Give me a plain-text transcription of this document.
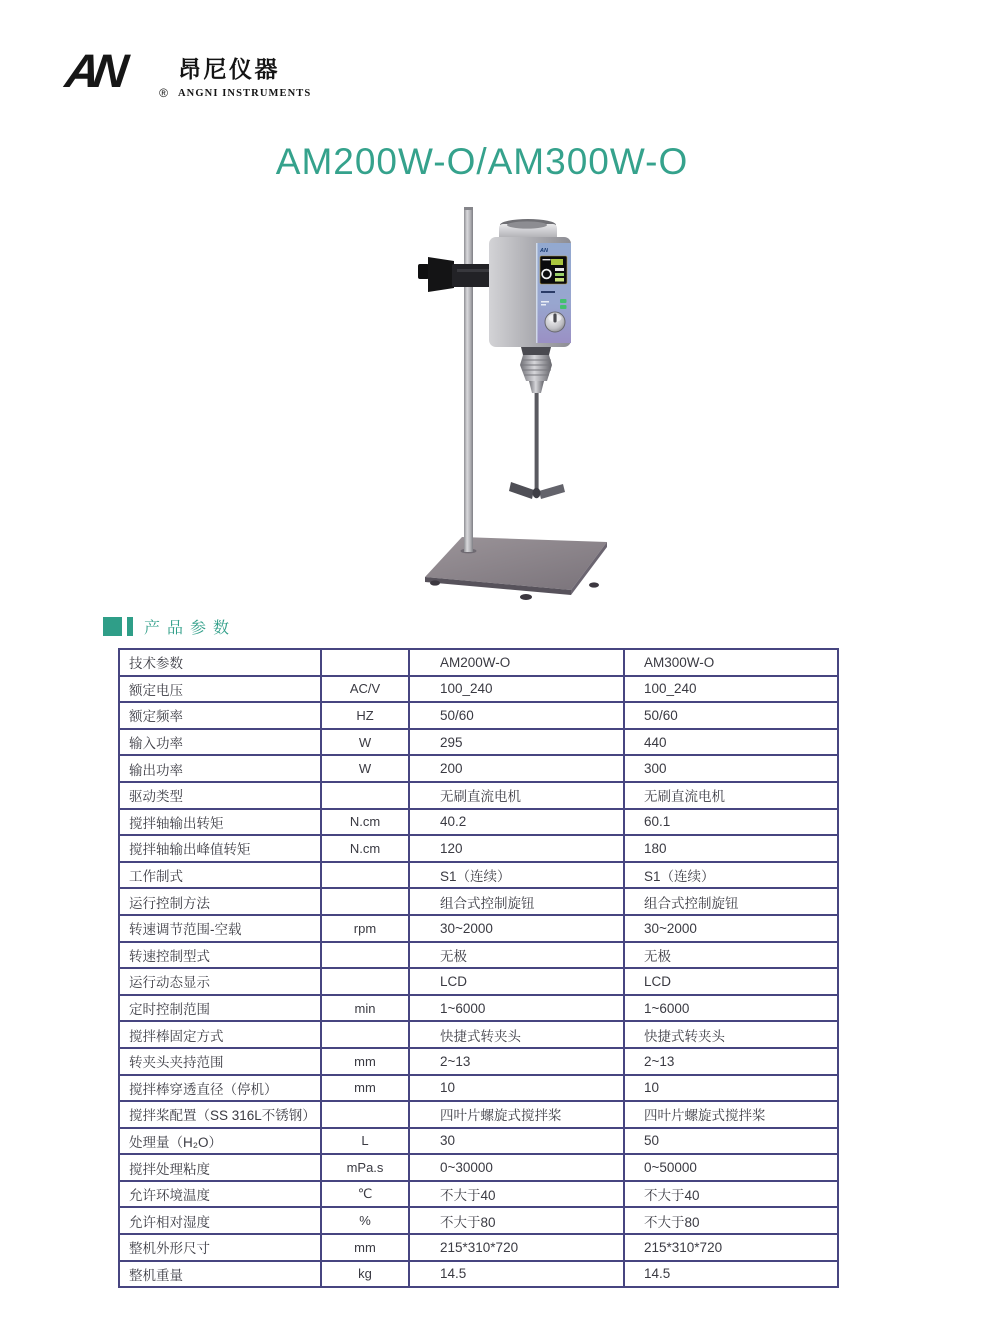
AN	®
昂尼仪器
ANGNI INSTRUMENTS
AM200W-O/AM300W-O
AN
产品参数
技术参数		AM200W-O	AM300W-O
额定电压	AC/V	100_240	100_240
额定频率	HZ	50/60	50/60
输入功率	W	295	440
输出功率	W	200	300
驱动类型		无刷直流电机	无刷直流电机
搅拌轴输出转矩	N.cm	40.2	60.1
搅拌轴输出峰值转矩	N.cm	120	180
工作制式		S1（连续）	S1（连续）
运行控制方法		组合式控制旋钮	组合式控制旋钮
转速调节范围-空载	rpm	30~2000	30~2000
转速控制型式		无极	无极
运行动态显示		LCD	LCD
定时控制范围	min	1~6000	1~6000
搅拌棒固定方式		快捷式转夹头	快捷式转夹头
转夹头夹持范围	mm	2~13	2~13
搅拌棒穿透直径（停机）	mm	10	10
搅拌桨配置（SS 316L不锈钢）		四叶片螺旋式搅拌桨	四叶片螺旋式搅拌桨
处理量（H₂O）	L	30	50
搅拌处理粘度	mPa.s	0~30000	0~50000
允许环境温度	℃	不大于40	不大于40
允许相对湿度	%	不大于80	不大于80
整机外形尺寸	mm	215*310*720	215*310*720
整机重量	kg	14.5	14.5
